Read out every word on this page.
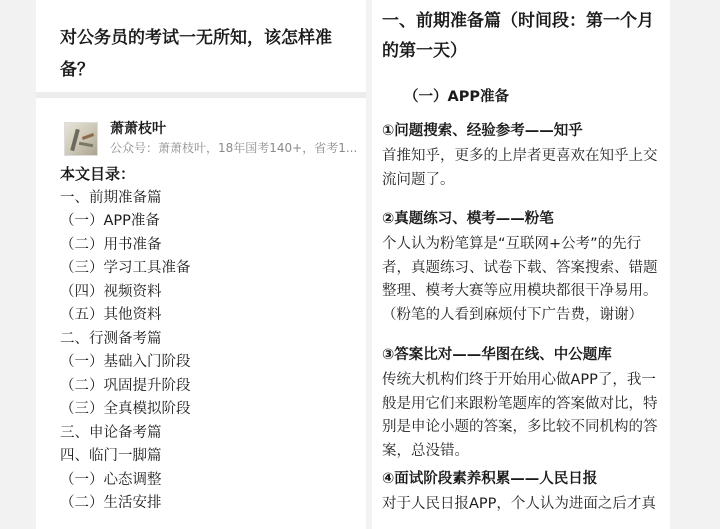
对公务员的考试一无所知，该怎样准备？
萧萧枝叶
公众号：萧萧枝叶，18年国考140+，省考1...

本文目录：

一、前期准备篇
（一）APP准备
（二）用书准备
（三）学习工具准备
（四）视频资料
（五）其他资料
二、行测备考篇
（一）基础入门阶段
（二）巩固提升阶段
（三）全真模拟阶段
三、申论备考篇
四、临门一脚篇
（一）心态调整
（二）生活安排
一、前期准备篇（时间段：第一个月的第一天）
（一）APP准备

①问题搜索、经验参考——知乎

首推知乎，更多的上岸者更喜欢在知乎上交流问题了。

②真题练习、模考——粉笔

个人认为粉笔算是“互联网+公考”的先行者，真题练习、试卷下载、答案搜索、错题整理、模考大赛等应用模块都很干净易用。（粉笔的人看到麻烦付下广告费，谢谢）

③答案比对——华图在线、中公题库

传统大机构们终于开始用心做APP了，我一般是用它们来跟粉笔题库的答案做对比，特别是申论小题的答案，多比较不同机构的答案，总没错。

④面试阶段素养积累——人民日报

对于人民日报APP，个人认为进面之后才真
